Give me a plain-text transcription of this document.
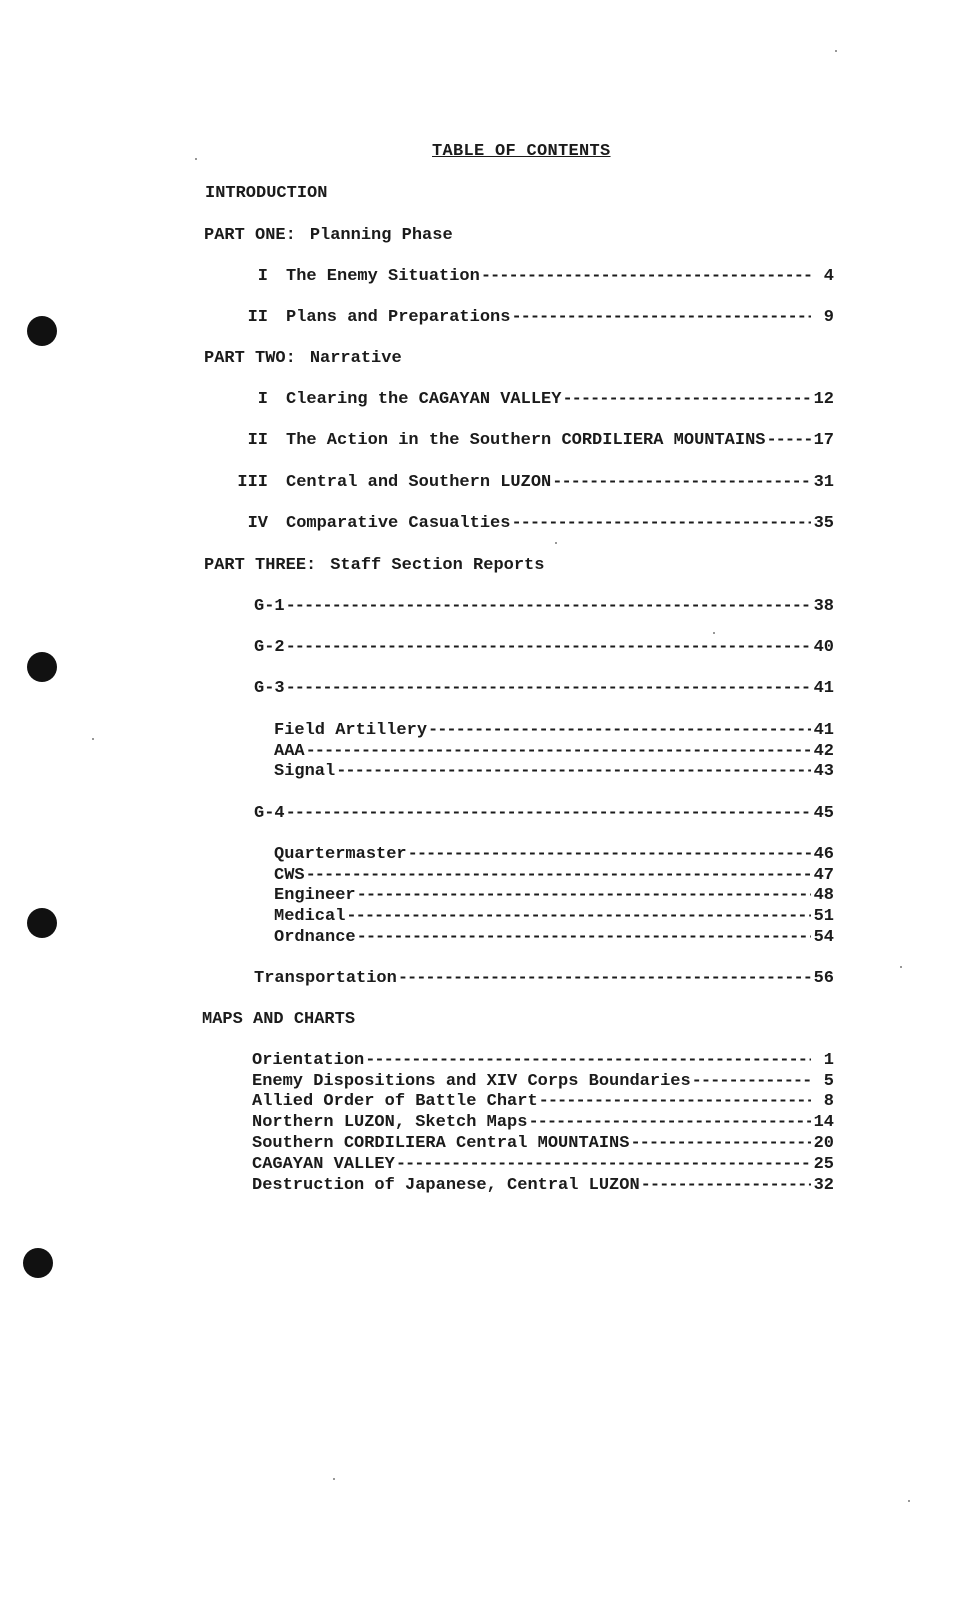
TABLE OF CONTENTS
INTRODUCTION
PART ONE: Planning Phase
I The Enemy Situation -----	4
II Plans and Preparations -----	9
PART TWO: Narrative
I Clearing the CAGAYAN VALLEY -----	12
II The Action in the Southern CORDILIERA MOUNTAINS -----	17
III Central and Southern LUZON -----	31
IV Comparative Casualties -----	35
PART THREE: Staff Section Reports
G-1 -----	38
G-2 -----	40
G-3 -----	41
Field Artillery -----	41
AAA -----	42
Signal -----	43
G-4 -----	45
Quartermaster -----	46
CWS -----	47
Engineer -----	48
Medical -----	51
Ordnance -----	54
Transportation -----	56
MAPS AND CHARTS
Orientation -----	1
Enemy Dispositions and XIV Corps Boundaries -----	5
Allied Order of Battle Chart -----	8
Northern LUZON, Sketch Maps -----	14
Southern CORDILIERA Central MOUNTAINS -----	20
CAGAYAN VALLEY -----	25
Destruction of Japanese, Central LUZON -----	32
